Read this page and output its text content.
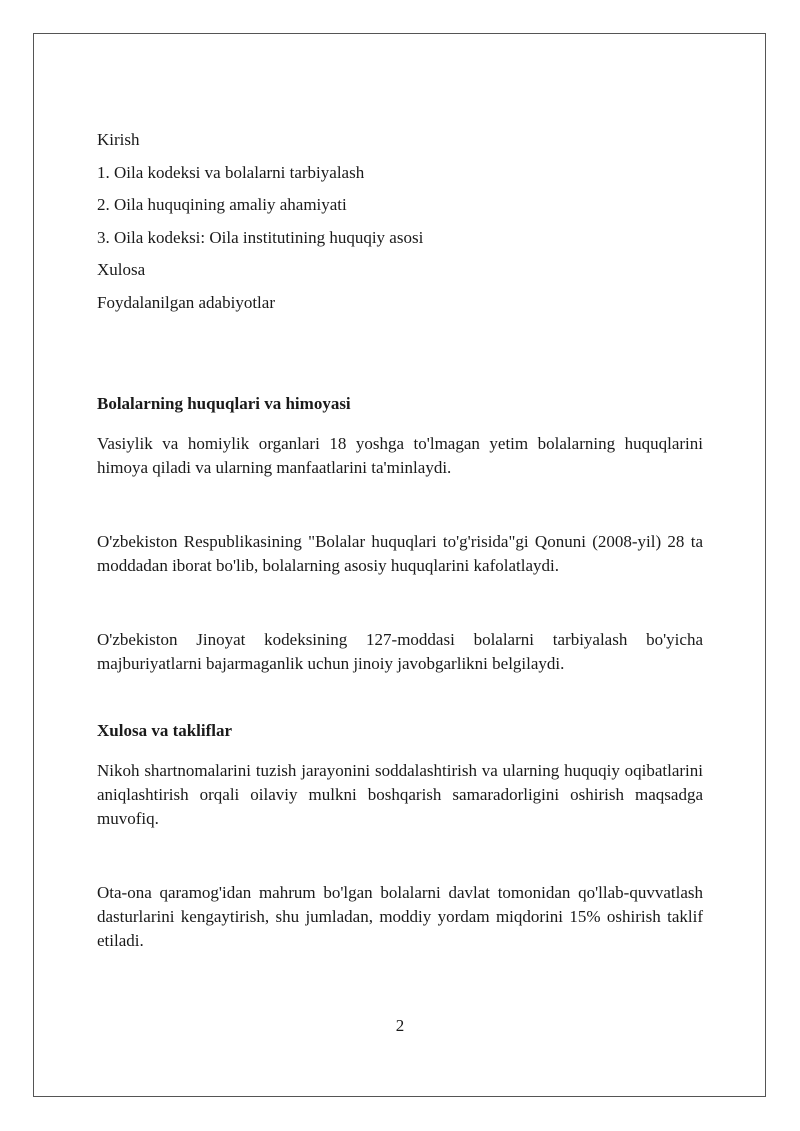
Kirish
1. Oila kodeksi va bolalarni tarbiyalash
2. Oila huquqining amaliy ahamiyati
3. Oila kodeksi: Oila institutining huquqiy asosi
Xulosa
Foydalanilgan adabiyotlar
Bolalarning huquqlari va himoyasi

Vasiylik va homiylik organlari 18 yoshga to'lmagan yetim bolalarning huquqlarini himoya qiladi va ularning manfaatlarini ta'minlaydi.

O'zbekiston Respublikasining "Bolalar huquqlari to'g'risida"gi Qonuni (2008-yil) 28 ta moddadan iborat bo'lib, bolalarning asosiy huquqlarini kafolatlaydi.

O'zbekiston Jinoyat kodeksining 127-moddasi bolalarni tarbiyalash bo'yicha majburiyatlarni bajarmaganlik uchun jinoiy javobgarlikni belgilaydi.

Xulosa va takliflar

Nikoh shartnomalarini tuzish jarayonini soddalashtirish va ularning huquqiy oqibatlarini aniqlashtirish orqali oilaviy mulkni boshqarish samaradorligini oshirish maqsadga muvofiq.

Ota-ona qaramog'idan mahrum bo'lgan bolalarni davlat tomonidan qo'llab-quvvatlash dasturlarini kengaytirish, shu jumladan, moddiy yordam miqdorini 15% oshirish taklif etiladi.

2
